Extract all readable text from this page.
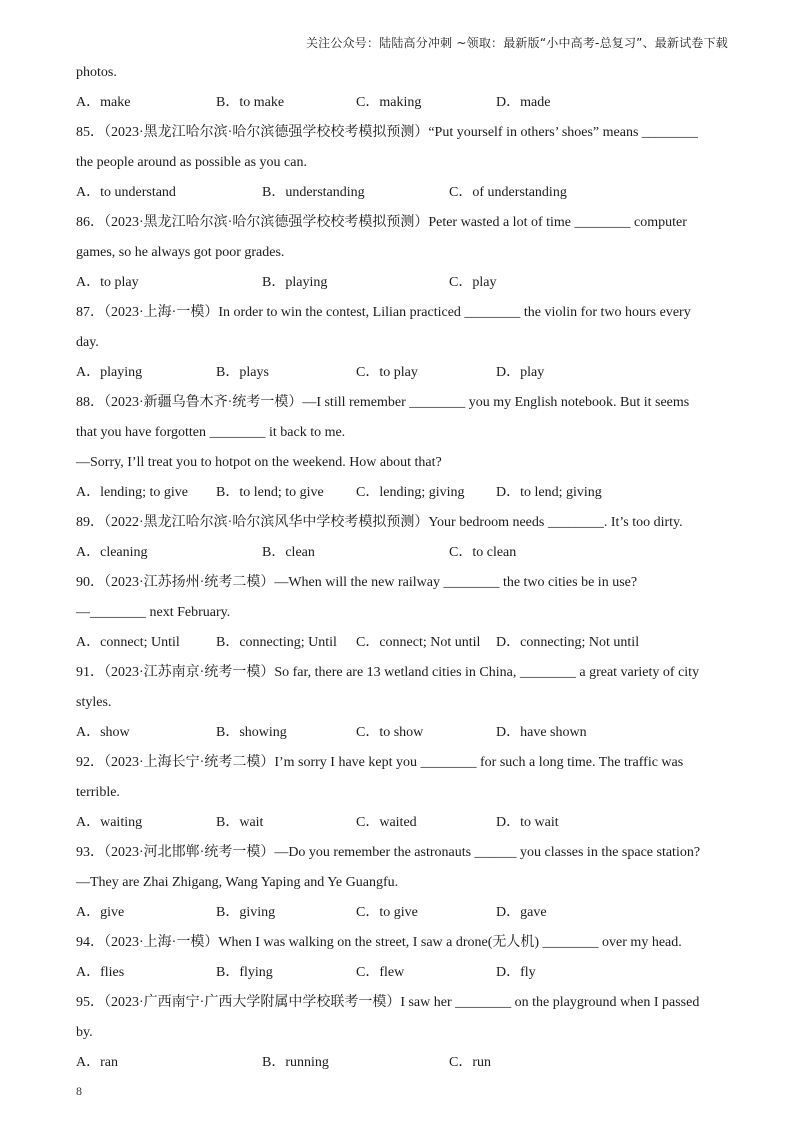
关注公众号：陆陆高分冲刺 ~领取：最新版“小中高考-总复习”、最新试卷下载
photos.
A．make	B．to make	C．making	D．made
85．（2023·黑龙江哈尔滨·哈尔滨德强学校校考模拟预测）“Put yourself in others’ shoes” means ________
the people around as possible as you can.
A．to understand	B．understanding	C．of understanding
86．（2023·黑龙江哈尔滨·哈尔滨德强学校校考模拟预测）Peter wasted a lot of time ________ computer
games, so he always got poor grades.
A．to play	B．playing	C．play
87．（2023·上海·一模）In order to win the contest, Lilian practiced ________ the violin for two hours every
day.
A．playing	B．plays	C．to play	D．play
88．（2023·新疆乌鲁木齐·统考一模）—I still remember ________ you my English notebook. But it seems
that you have forgotten ________ it back to me.
—Sorry, I’ll treat you to hotpot on the weekend. How about that?
A．lending; to give B．to lend; to give C．lending; giving D．to lend; giving
89．（2022·黑龙江哈尔滨·哈尔滨风华中学校考模拟预测）Your bedroom needs ________. It’s too dirty.
A．cleaning	B．clean	C．to clean
90．（2023·江苏扬州·统考二模）—When will the new railway ________ the two cities be in use?
—________ next February.
A．connect; Until	B．connecting; Until C．connect; Not until D．connecting; Not until
91．（2023·江苏南京·统考一模）So far, there are 13 wetland cities in China, ________ a great variety of city
styles.
A．show	B．showing	C．to show	D．have shown
92．（2023·上海长宁·统考二模）I’m sorry I have kept you ________ for such a long time. The traffic was
terrible.
A．waiting	B．wait	C．waited	D．to wait
93．（2023·河北邯郸·统考一模）—Do you remember the astronauts ______ you classes in the space station?
—They are Zhai Zhigang, Wang Yaping and Ye Guangfu.
A．give	B．giving	C．to give	D．gave
94．（2023·上海·一模）When I was walking on the street, I saw a drone(无人机) ________ over my head.
A．flies	B．flying	C．flew	D．fly
95．（2023·广西南宁·广西大学附属中学校联考一模）I saw her ________ on the playground when I passed
by.
A．ran	B．running	C．run
8
